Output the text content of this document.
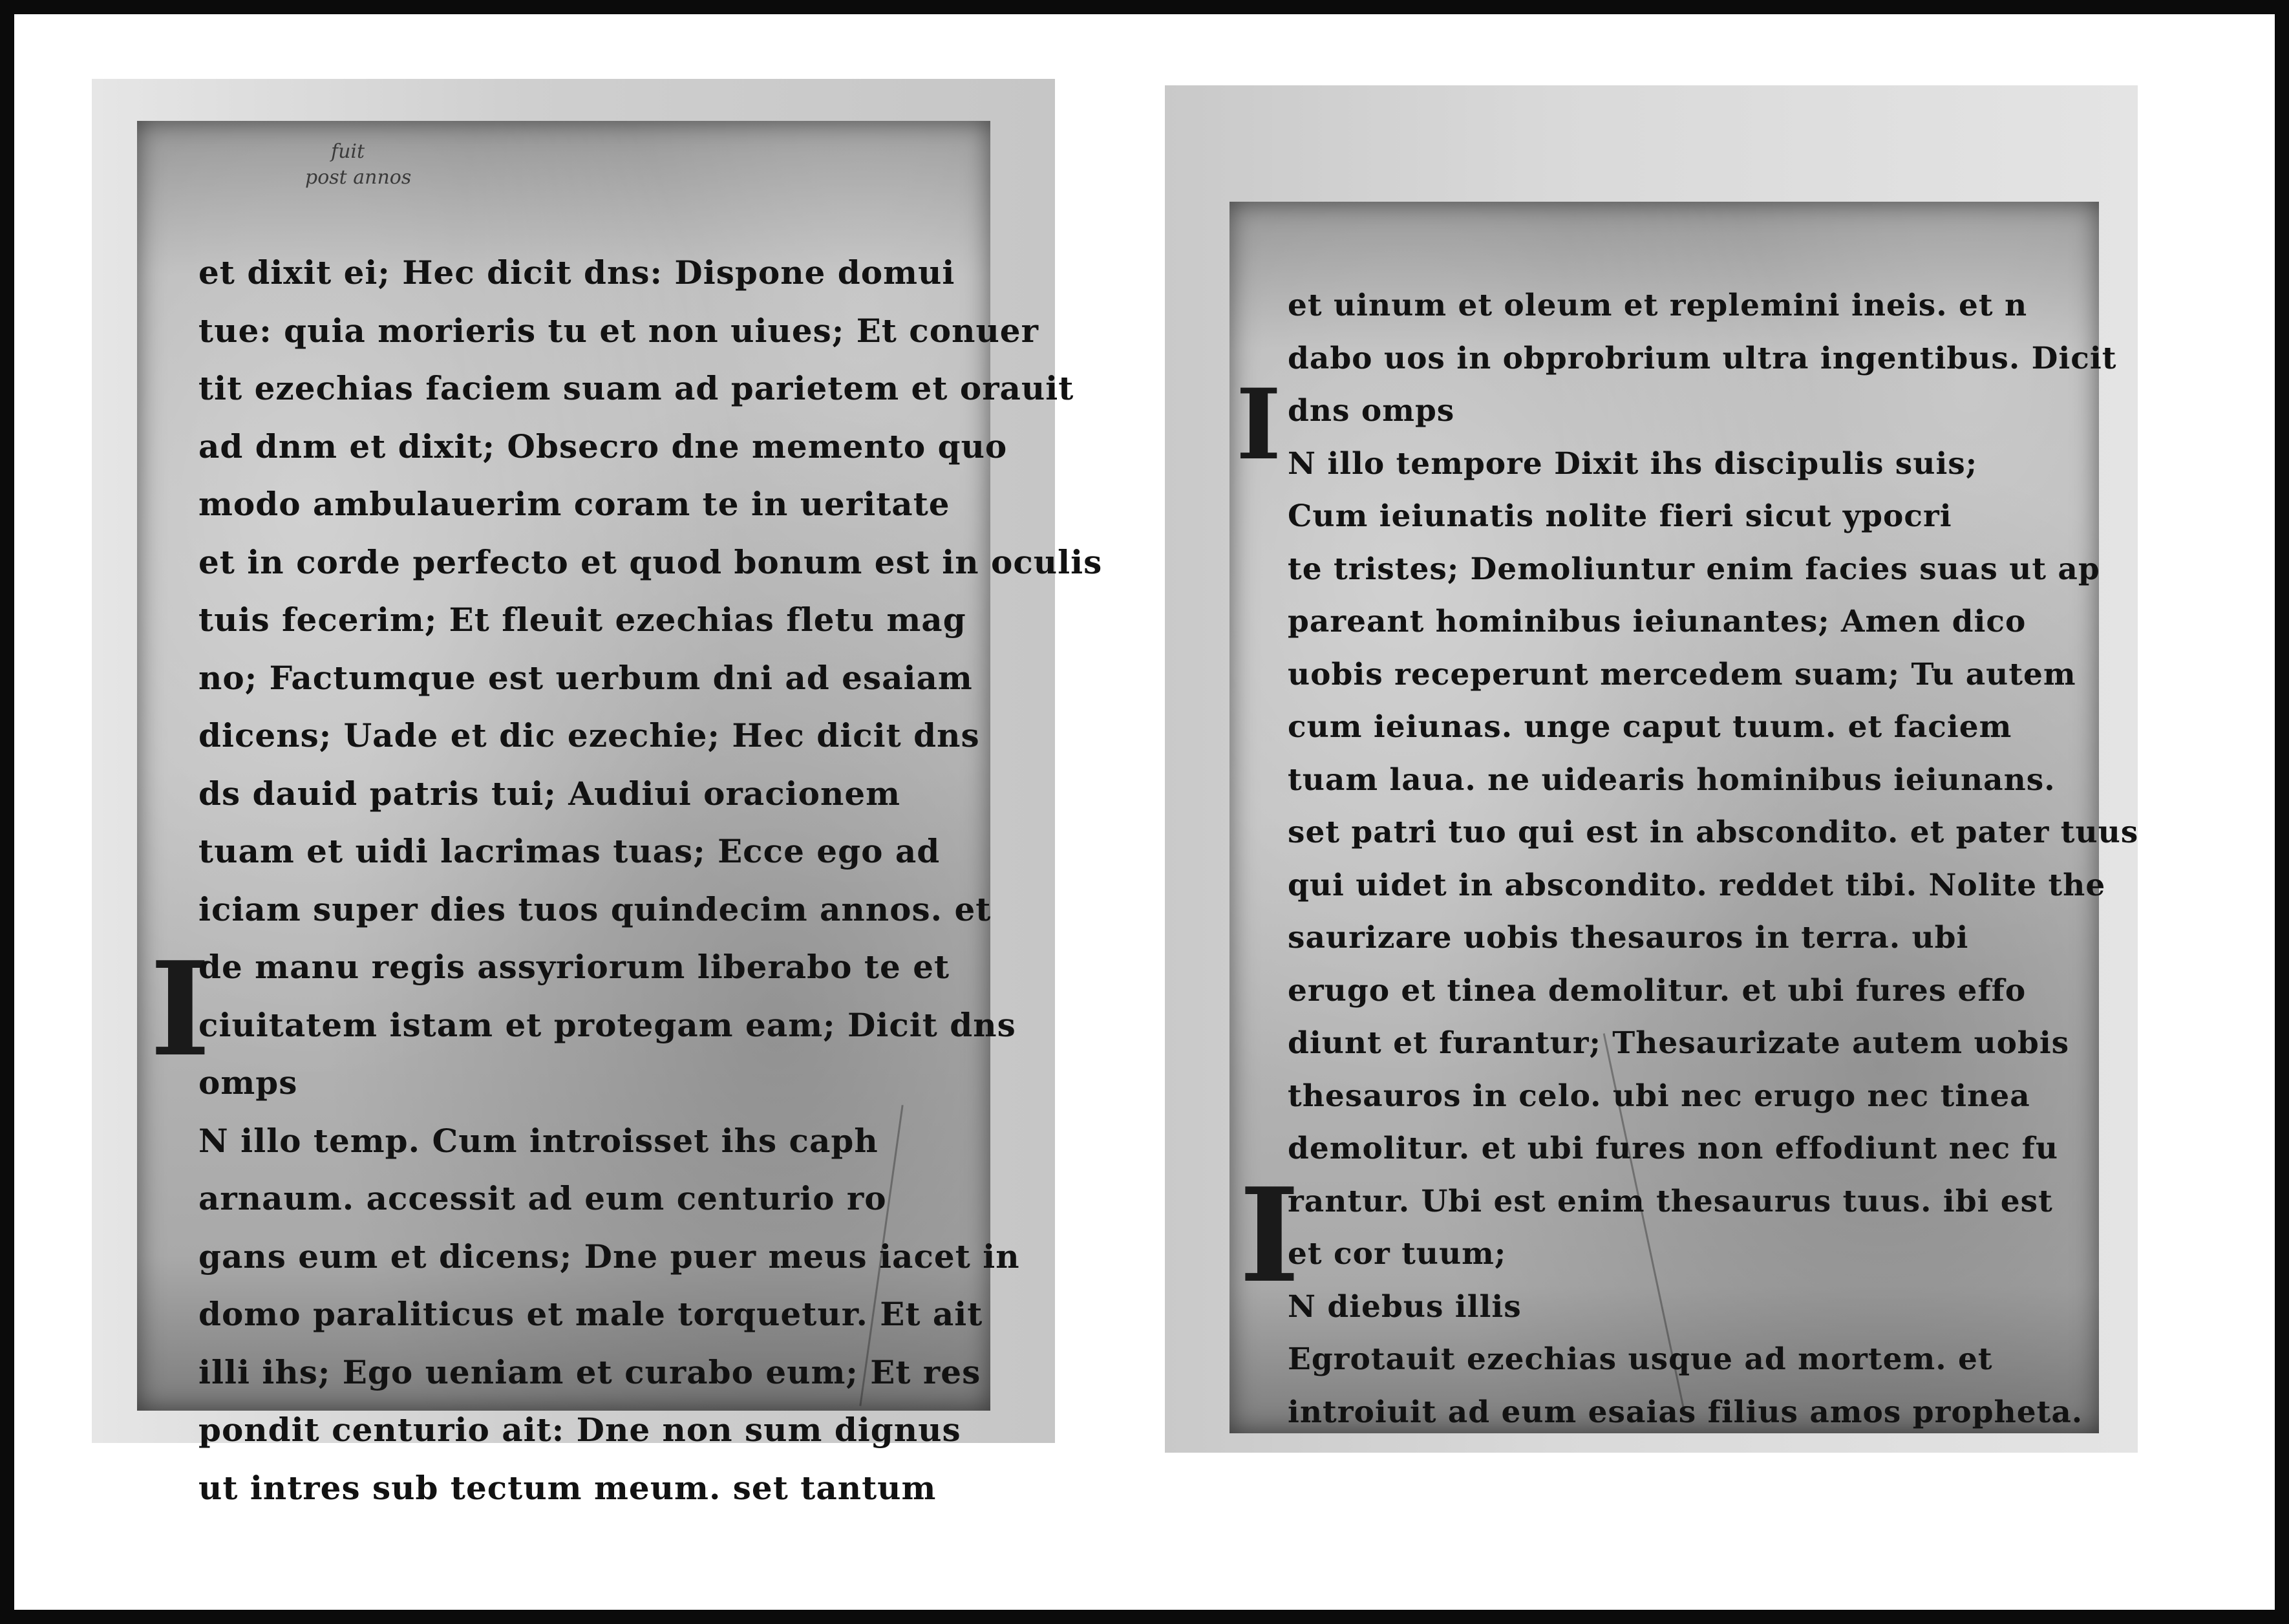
fuit
post annos
I
et dixit ei; Hec dicit dns: Dispone domui
tue: quia morieris tu et non uiues; Et conuer
tit ezechias faciem suam ad parietem et orauit
ad dnm et dixit; Obsecro dne memento quo
modo ambulauerim coram te in ueritate
et in corde perfecto et quod bonum est in oculis
tuis fecerim; Et fleuit ezechias fletu mag
no; Factumque est uerbum dni ad esaiam
dicens; Uade et dic ezechie; Hec dicit dns
ds dauid patris tui; Audiui oracionem
tuam et uidi lacrimas tuas; Ecce ego ad
iciam super dies tuos quindecim annos. et
de manu regis assyriorum liberabo te et
ciuitatem istam et protegam eam; Dicit dns
omps
N illo temp. Cum introisset ihs caph
arnaum. accessit ad eum centurio ro
gans eum et dicens; Dne puer meus iacet in
domo paraliticus et male torquetur. Et ait
illi ihs; Ego ueniam et curabo eum; Et res
pondit centurio ait: Dne non sum dignus
ut intres sub tectum meum. set tantum
I
I
et uinum et oleum et replemini ineis. et n
dabo uos in obprobrium ultra ingentibus. Dicit
dns omps
N illo tempore Dixit ihs discipulis suis;
Cum ieiunatis nolite fieri sicut ypocri
te tristes; Demoliuntur enim facies suas ut ap
pareant hominibus ieiunantes; Amen dico
uobis receperunt mercedem suam; Tu autem
cum ieiunas. unge caput tuum. et faciem
tuam laua. ne uidearis hominibus ieiunans.
set patri tuo qui est in abscondito. et pater tuus
qui uidet in abscondito. reddet tibi. Nolite the
saurizare uobis thesauros in terra. ubi
erugo et tinea demolitur. et ubi fures effo
diunt et furantur; Thesaurizate autem uobis
thesauros in celo. ubi nec erugo nec tinea
demolitur. et ubi fures non effodiunt nec fu
rantur. Ubi est enim thesaurus tuus. ibi est
et cor tuum;
N diebus illis
Egrotauit ezechias usque ad mortem. et
introiuit ad eum esaias filius amos propheta.
